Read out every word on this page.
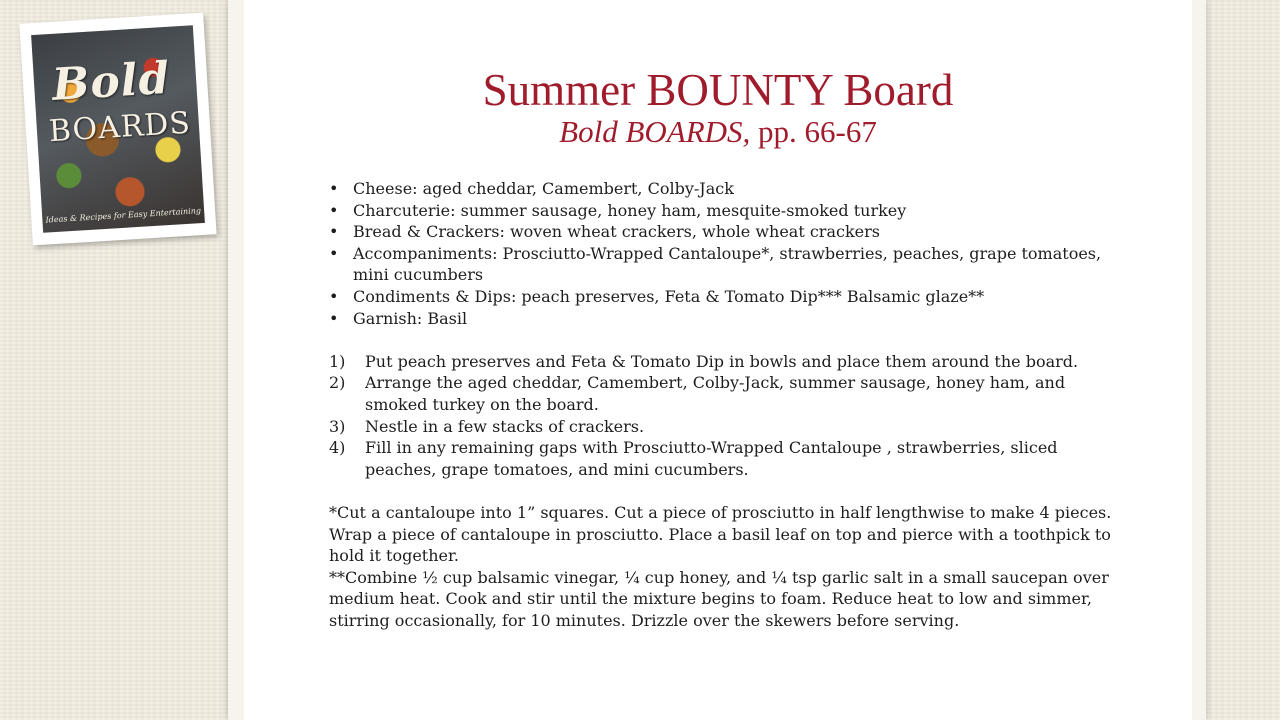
Bold
BOARDS
Ideas & Recipes for Easy Entertaining
Summer BOUNTY Board
Bold BOARDS, pp. 66-67
• Cheese: aged cheddar, Camembert, Colby-Jack
• Charcuterie: summer sausage, honey ham, mesquite-smoked turkey
• Bread & Crackers: woven wheat crackers, whole wheat crackers
• Accompaniments: Prosciutto-Wrapped Cantaloupe*, strawberries, peaches, grape tomatoes, mini cucumbers
• Condiments & Dips: peach preserves, Feta & Tomato Dip*** Balsamic glaze**
• Garnish: Basil
1) Put peach preserves and Feta & Tomato Dip in bowls and place them around the board.
2) Arrange the aged cheddar, Camembert, Colby-Jack, summer sausage, honey ham, and smoked turkey on the board.
3) Nestle in a few stacks of crackers.
4) Fill in any remaining gaps with Prosciutto-Wrapped Cantaloupe , strawberries, sliced peaches, grape tomatoes, and mini cucumbers.

*Cut a cantaloupe into 1” squares. Cut a piece of prosciutto in half lengthwise to make 4 pieces. Wrap a piece of cantaloupe in prosciutto. Place a basil leaf on top and pierce with a toothpick to hold it together.

**Combine ½ cup balsamic vinegar, ¼ cup honey, and ¼ tsp garlic salt in a small saucepan over medium heat. Cook and stir until the mixture begins to foam. Reduce heat to low and simmer, stirring occasionally, for 10 minutes. Drizzle over the skewers before serving.
